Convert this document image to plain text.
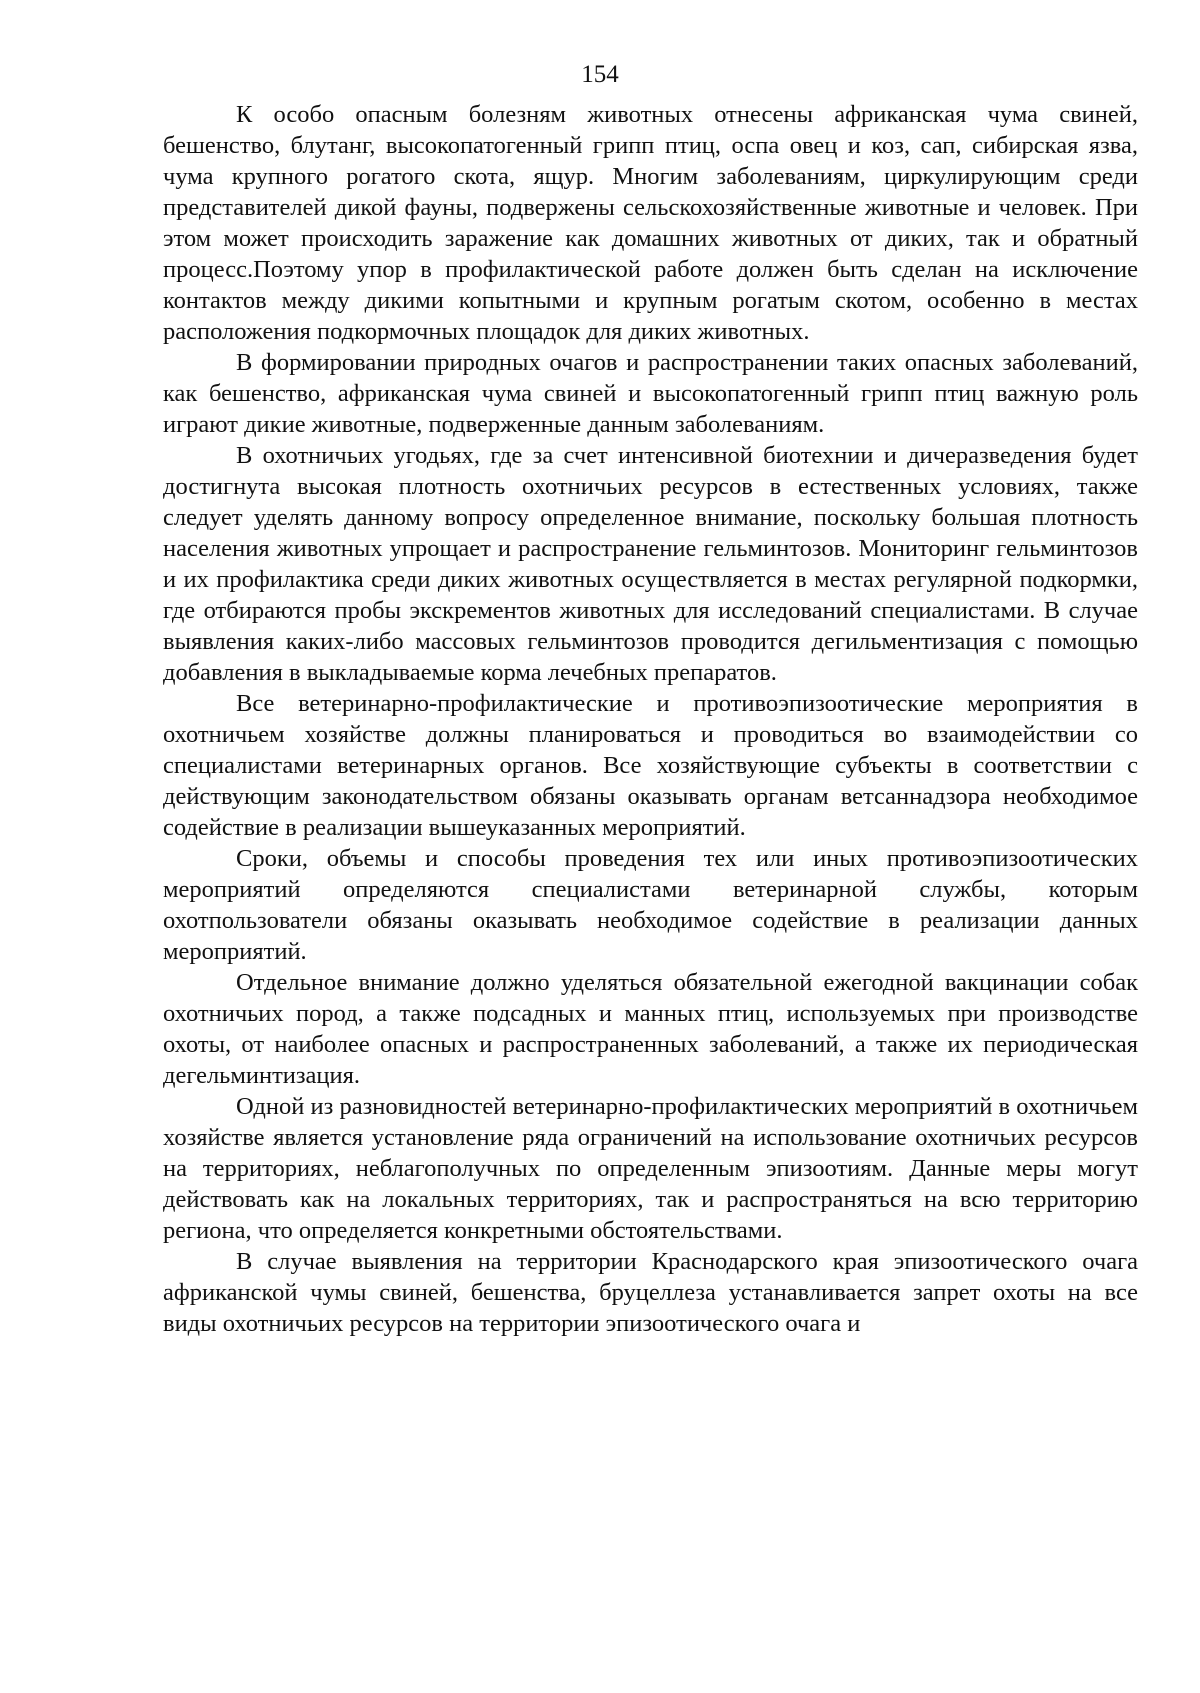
154

К особо опасным болезням животных отнесены африканская чума свиней, бешенство, блутанг, высокопатогенный грипп птиц, оспа овец и коз, сап, сибирская язва, чума крупного рогатого скота, ящур. Многим заболеваниям, циркулирующим среди представителей дикой фауны, подвержены сельскохозяйственные животные и человек. При этом может происходить заражение как домашних животных от диких, так и обратный процесс.Поэтому упор в профилактической работе должен быть сделан на исключение контактов между дикими копытными и крупным рогатым скотом, особенно в местах расположения подкормочных площадок для диких животных.

В формировании природных очагов и распространении таких опасных заболеваний, как бешенство, африканская чума свиней и высокопатогенный грипп птиц важную роль играют дикие животные, подверженные данным заболеваниям.

В охотничьих угодьях, где за счет интенсивной биотехнии и дичеразведения будет достигнута высокая плотность охотничьих ресурсов в естественных условиях, также следует уделять данному вопросу определенное внимание, поскольку большая плотность населения животных упрощает и распространение гельминтозов. Мониторинг гельминтозов и их профилактика среди диких животных осуществляется в местах регулярной подкормки, где отбираются пробы экскрементов животных для исследований специалистами. В случае выявления каких-либо массовых гельминтозов проводится дегильментизация с помощью добавления в выкладываемые корма лечебных препаратов.

Все ветеринарно-профилактические и противоэпизоотические мероприятия в охотничьем хозяйстве должны планироваться и проводиться во взаимодействии со специалистами ветеринарных органов. Все хозяйствующие субъекты в соответствии с действующим законодательством обязаны оказывать органам ветсаннадзора необходимое содействие в реализации вышеуказанных мероприятий.

Сроки, объемы и способы проведения тех или иных противоэпизоотических мероприятий определяются специалистами ветеринарной службы, которым охотпользователи обязаны оказывать необходимое содействие в реализации данных мероприятий.

Отдельное внимание должно уделяться обязательной ежегодной вакцинации собак охотничьих пород, а также подсадных и манных птиц, используемых при производстве охоты, от наиболее опасных и распространенных заболеваний, а также их периодическая дегельминтизация.

Одной из разновидностей ветеринарно-профилактических мероприятий в охотничьем хозяйстве является установление ряда ограничений на использование охотничьих ресурсов на территориях, неблагополучных по определенным эпизоотиям. Данные меры могут действовать как на локальных территориях, так и распространяться на всю территорию региона, что определяется конкретными обстоятельствами.

В случае выявления на территории Краснодарского края эпизоотического очага африканской чумы свиней, бешенства, бруцеллеза устанавливается запрет охоты на все виды охотничьих ресурсов на территории эпизоотического очага и
